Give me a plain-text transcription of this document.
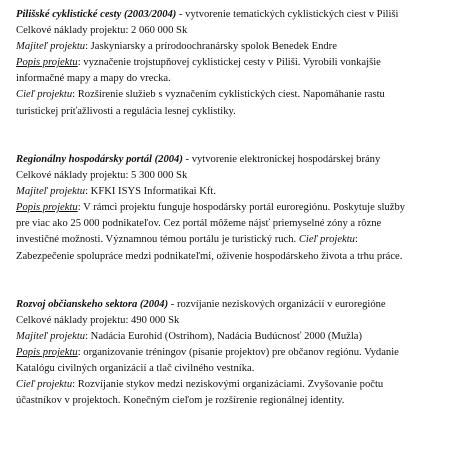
Pilišské cyklistické cesty (2003/2004) - vytvorenie tematických cyklistických ciest v Piliši
Celkové náklady projektu: 2 060 000 Sk
Majiteľ projektu: Jaskyniarsky a prírodoochranársky spolok Benedek Endre
Popis projektu: vyznačenie trojstupňovej cyklistickej cesty v Piliši. Vyrobili vonkajšie
informačné mapy a mapy do vrecka.
Cieľ projektu: Rozšírenie služieb s vyznačením cyklistických ciest. Napomáhanie rastu
turistickej príťažlivosti a regulácia lesnej cyklistiky.
Regionálny hospodársky portál (2004) - vytvorenie elektronickej hospodárskej brány
Celkové náklady projektu: 5 300 000 Sk
Majiteľ projektu: KFKI ISYS Informatikai Kft.
Popis projektu: V rámci projektu funguje hospodársky portál euroregiónu. Poskytuje služby
pre viac ako 25 000 podnikateľov. Cez portál môžeme nájsť priemyselné zóny a rôzne
investičné možnosti. Významnou témou portálu je turistický ruch. Cieľ projektu:
Zabezpečenie spolupráce medzi podnikateľmi, oživenie hospodárskeho života a trhu práce.
Rozvoj občianskeho sektora (2004) - rozvíjanie neziskových organizácií v euroregióne
Celkové náklady projektu: 490 000 Sk
Majiteľ projektu: Nadácia Eurohíd (Ostrihom), Nadácia Budúcnosť 2000 (Mužla)
Popis projektu: organizovanie tréningov (písanie projektov) pre občanov regiónu. Vydanie
Katalógu civilných organizácií a tlač civilného vestníka.
Cieľ projektu: Rozvíjanie stykov medzi neziskovými organizáciami. Zvyšovanie počtu
účastníkov v projektoch. Konečným cieľom je rozšírenie regionálnej identity.
